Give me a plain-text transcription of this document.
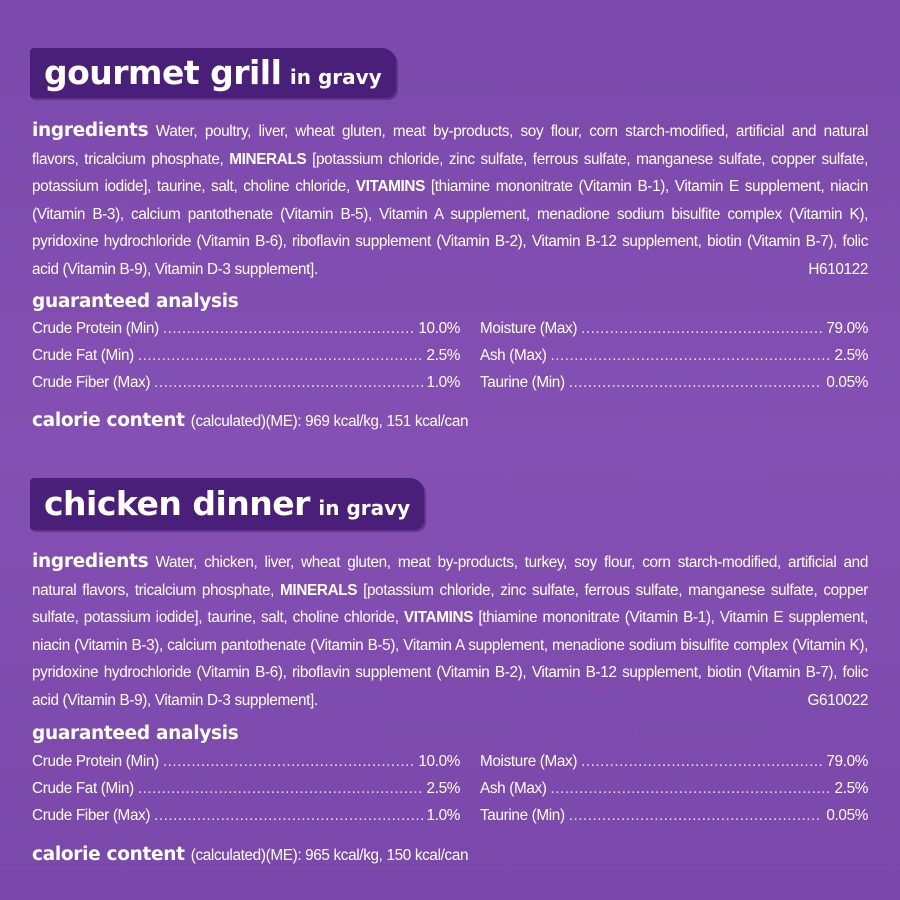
gourmet grill in gravy
ingredients Water, poultry, liver, wheat gluten, meat by-products, soy flour, corn starch-modified, artificial and natural flavors, tricalcium phosphate, MINERALS [potassium chloride, zinc sulfate, ferrous sulfate, manganese sulfate, copper sulfate, potassium iodide], taurine, salt, choline chloride, VITAMINS [thiamine mononitrate (Vitamin B-1), Vitamin E supplement, niacin (Vitamin B-3), calcium pantothenate (Vitamin B-5), Vitamin A supplement, menadione sodium bisulfite complex (Vitamin K), pyridoxine hydrochloride (Vitamin B-6), riboflavin supplement (Vitamin B-2), Vitamin B-12 supplement, biotin (Vitamin B-7), folic acid (Vitamin B-9), Vitamin D-3 supplement].	H610122
guaranteed analysis
Crude Protein (Min) .....	10.0%
Crude Fat (Min) .....	2.5%
Crude Fiber (Max) .....	1.0%
Moisture (Max) .....	79.0%
Ash (Max) .....	2.5%
Taurine (Min) .....	0.05%
calorie content (calculated)(ME): 969 kcal/kg, 151 kcal/can
chicken dinner in gravy
ingredients Water, chicken, liver, wheat gluten, meat by-products, turkey, soy flour, corn starch-modified, artificial and natural flavors, tricalcium phosphate, MINERALS [potassium chloride, zinc sulfate, ferrous sulfate, manganese sulfate, copper sulfate, potassium iodide], taurine, salt, choline chloride, VITAMINS [thiamine mononitrate (Vitamin B-1), Vitamin E supplement, niacin (Vitamin B-3), calcium pantothenate (Vitamin B-5), Vitamin A supplement, menadione sodium bisulfite complex (Vitamin K), pyridoxine hydrochloride (Vitamin B-6), riboflavin supplement (Vitamin B-2), Vitamin B-12 supplement, biotin (Vitamin B-7), folic acid (Vitamin B-9), Vitamin D-3 supplement].	G610022
guaranteed analysis
Crude Protein (Min) .....	10.0%
Crude Fat (Min) .....	2.5%
Crude Fiber (Max) .....	1.0%
Moisture (Max) .....	79.0%
Ash (Max) .....	2.5%
Taurine (Min) .....	0.05%
calorie content (calculated)(ME): 965 kcal/kg, 150 kcal/can
